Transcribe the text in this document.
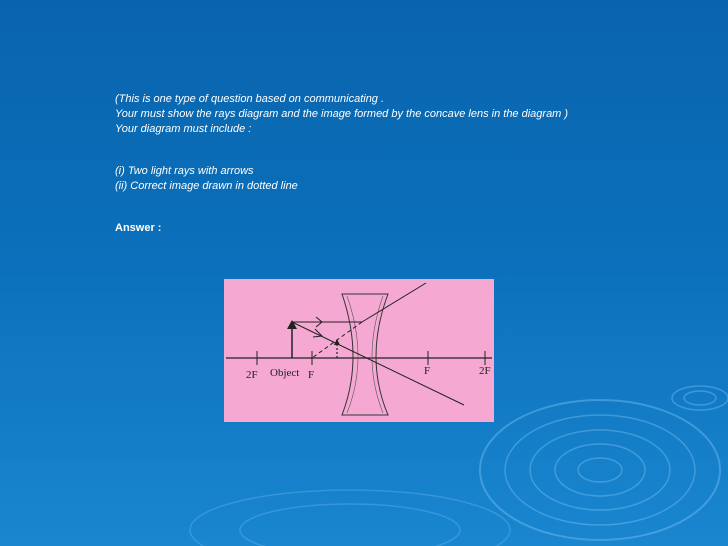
(This is one type of question based on communicating .

Your must show the rays diagram and the image formed by the concave lens in the diagram )

Your diagram must include :

(i) Two light rays with arrows

(ii) Correct image drawn in dotted line

Answer :
2F Object F	F	2F
